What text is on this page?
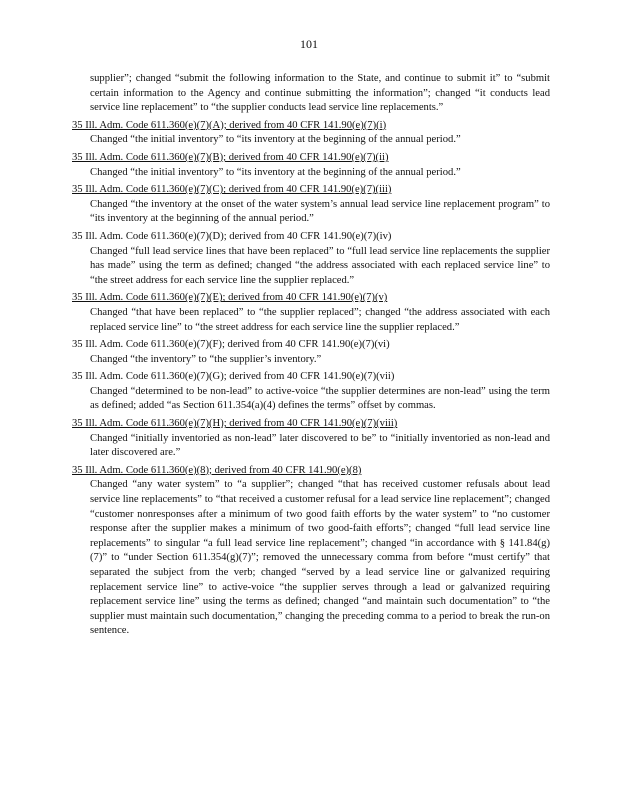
101
supplier”; changed “submit the following information to the State, and continue to submit it” to “submit certain information to the Agency and continue submitting the information”; changed “it conducts lead service line replacement” to “the supplier conducts lead service line replacements.”
35 Ill. Adm. Code 611.360(e)(7)(A); derived from 40 CFR 141.90(e)(7)(i)
Changed “the initial inventory” to “its inventory at the beginning of the annual period.”
35 Ill. Adm. Code 611.360(e)(7)(B); derived from 40 CFR 141.90(e)(7)(ii)
Changed “the initial inventory” to “its inventory at the beginning of the annual period.”
35 Ill. Adm. Code 611.360(e)(7)(C); derived from 40 CFR 141.90(e)(7)(iii)
Changed “the inventory at the onset of the water system’s annual lead service line replacement program” to “its inventory at the beginning of the annual period.”
35 Ill. Adm. Code 611.360(e)(7)(D); derived from 40 CFR 141.90(e)(7)(iv)
Changed “full lead service lines that have been replaced” to “full lead service line replacements the supplier has made” using the term as defined; changed “the address associated with each replaced service line” to “the street address for each service line the supplier replaced.”
35 Ill. Adm. Code 611.360(e)(7)(E); derived from 40 CFR 141.90(e)(7)(v)
Changed “that have been replaced” to “the supplier replaced”; changed “the address associated with each replaced service line” to “the street address for each service line the supplier replaced.”
35 Ill. Adm. Code 611.360(e)(7)(F); derived from 40 CFR 141.90(e)(7)(vi)
Changed “the inventory” to “the supplier’s inventory.”
35 Ill. Adm. Code 611.360(e)(7)(G); derived from 40 CFR 141.90(e)(7)(vii)
Changed “determined to be non-lead” to active-voice “the supplier determines are non-lead” using the term as defined; added “as Section 611.354(a)(4) defines the terms” offset by commas.
35 Ill. Adm. Code 611.360(e)(7)(H); derived from 40 CFR 141.90(e)(7)(viii)
Changed “initially inventoried as non-lead” later discovered to be” to “initially inventoried as non-lead and later discovered are.”
35 Ill. Adm. Code 611.360(e)(8); derived from 40 CFR 141.90(e)(8)
Changed “any water system” to “a supplier”; changed “that has received customer refusals about lead service line replacements” to “that received a customer refusal for a lead service line replacement”; changed “customer nonresponses after a minimum of two good faith efforts by the water system” to “no customer response after the supplier makes a minimum of two good-faith efforts”; changed “full lead service line replacements” to singular “a full lead service line replacement”; changed “in accordance with § 141.84(g)(7)” to “under Section 611.354(g)(7)”; removed the unnecessary comma from before “must certify” that separated the subject from the verb; changed “served by a lead service line or galvanized requiring replacement service line” to active-voice “the supplier serves through a lead or galvanized requiring replacement service line” using the terms as defined; changed “and maintain such documentation” to “the supplier must maintain such documentation,” changing the preceding comma to a period to break the run-on sentence.
